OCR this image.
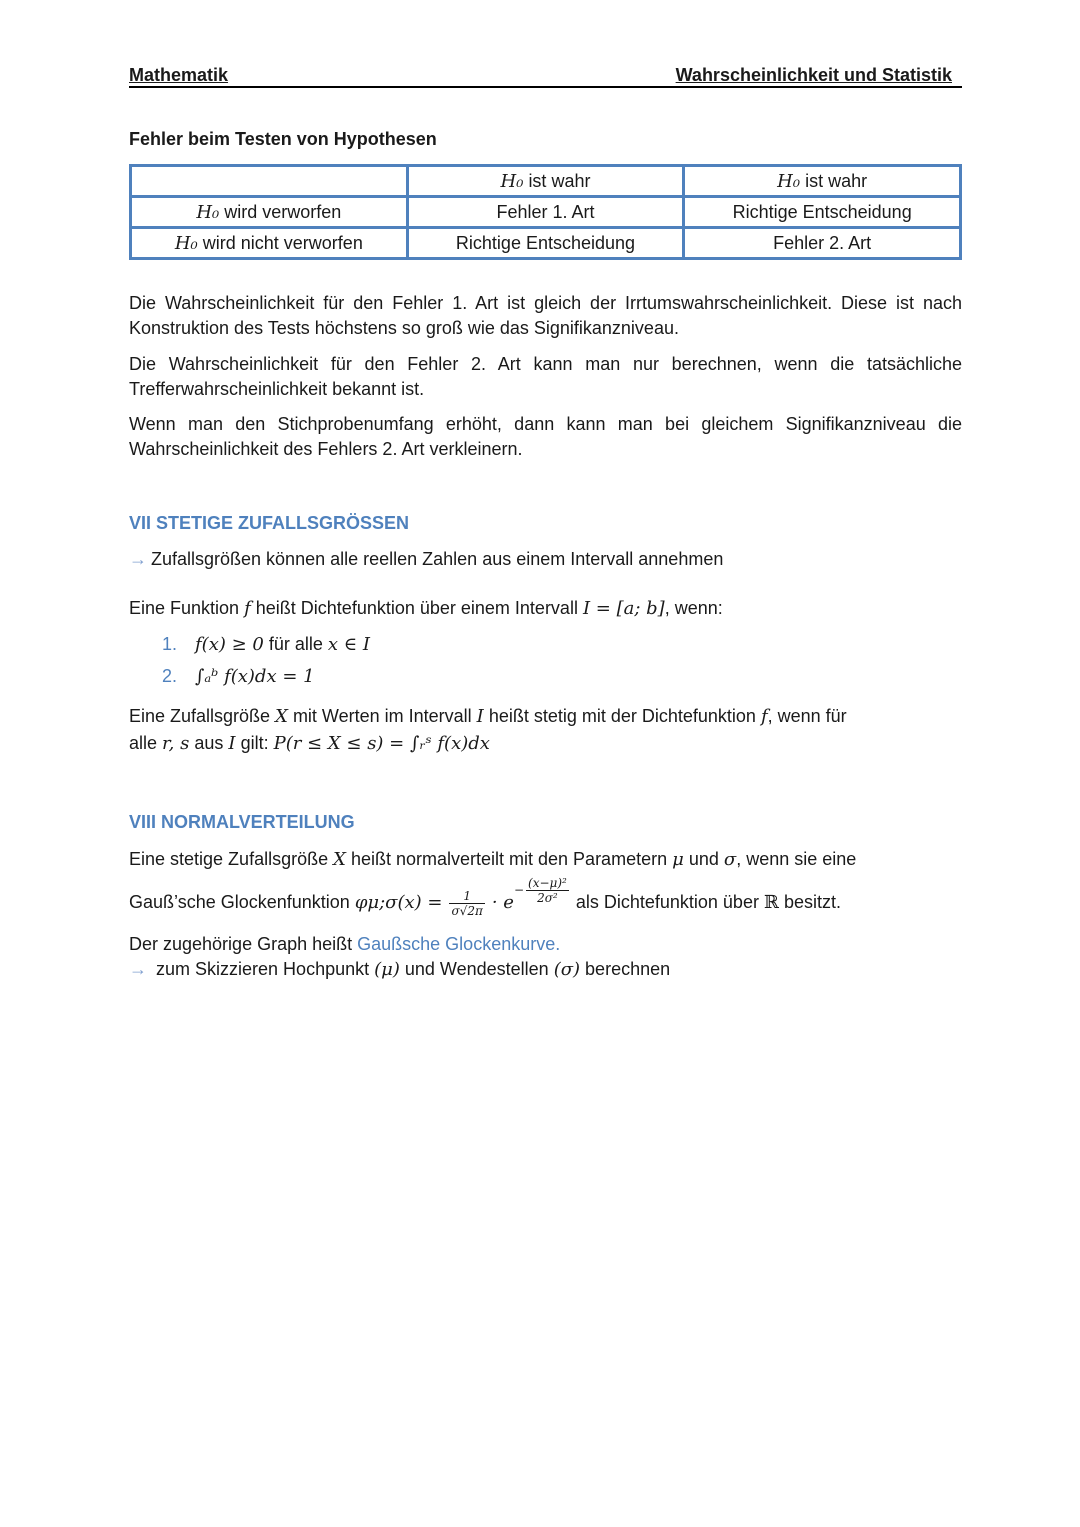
Mathematik	Wahrscheinlichkeit und Statistik
Fehler beim Testen von Hypothesen
	H₀ ist wahr	H₀ ist wahr
H₀ wird verworfen	Fehler 1. Art	Richtige Entscheidung
H₀ wird nicht verworfen	Richtige Entscheidung	Fehler 2. Art

Die Wahrscheinlichkeit für den Fehler 1. Art ist gleich der Irrtumswahrscheinlichkeit. Diese ist nach Konstruktion des Tests höchstens so groß wie das Signifikanzniveau.

Die Wahrscheinlichkeit für den Fehler 2. Art kann man nur berechnen, wenn die tatsächliche Trefferwahrscheinlichkeit bekannt ist.

Wenn man den Stichprobenumfang erhöht, dann kann man bei gleichem Signifikanzniveau die Wahrscheinlichkeit des Fehlers 2. Art verkleinern.

VII STETIGE ZUFALLSGRÖSSEN
→ Zufallsgrößen können alle reellen Zahlen aus einem Intervall annehmen
Eine Funktion f heißt Dichtefunktion über einem Intervall I = [a; b], wenn:
1. f(x) ≥ 0 für alle x ∈ I
2. ∫ₐᵇ f(x)dx = 1
Eine Zufallsgröße X mit Werten im Intervall I heißt stetig mit der Dichtefunktion f, wenn für
alle r, s aus I gilt: P(r ≤ X ≤ s) = ∫ᵣˢ f(x)dx
VIII NORMALVERTEILUNG
Eine stetige Zufallsgröße X heißt normalverteilt mit den Parametern μ und σ, wenn sie eine
Gauß’sche Glockenfunktion φμ;σ(x) = $\frac{1}{\sigma√2\pi} \cdot e^{- \frac{\text{(x−μ)²}}{\text{2σ²}}}$ als Dichtefunktion über ℝ besitzt.
Der zugehörige Graph heißt Gaußsche Glockenkurve.
→ zum Skizzieren Hochpunkt (μ) und Wendestellen (σ) berechnen
